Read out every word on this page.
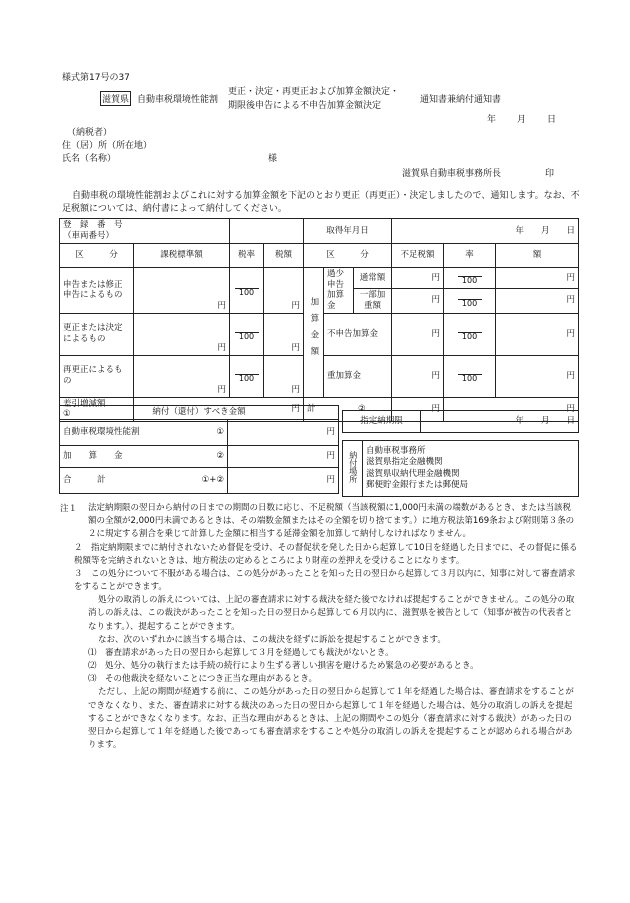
様式第17号の37
滋賀県 自動車税環境性能割
更正・決定・再更正および加算金額決定・
期限後申告による不申告加算金額決定
通知書兼納付通知書
年 月 日
（納税者）
住（居）所（所在地）
氏名（名称）	様
滋賀県自動車税事務所長	印
自動車税の環境性能割およびこれに対する加算金額を下記のとおり更正（再更正）・決定しましたので、通知します。なお、不足税額については、納付書によって納付してください。
登　録　番　号
（車両番号）				取得年月日			年　　月　　日		
区　　　分	課税標準額	税率	税額	区　　　分			不足税額	率	額
申告または修正申告によるもの	円	100	円	加算金額	過少申告加算金	通常額	円	100	円
						一部加重額	円	100	円
更正または決定によるもの	円	100	円		不申告加算金		円	100	円

再更正によるもの	円	100	円		重加算金		円	100	円

差引増減額　　①	円			計　　　　　 ②			円	円	
納付（還付）すべき金額	
自動車税環境性能割 ①	円
加　　算　　金 ②	円
合　　　計 ①+②	円
指定納期限	年　　月　　日
納付場所	自動車税事務所
滋賀県指定金融機関
滋賀県収納代理金融機関
郵便貯金銀行または郵便局
注１ 法定納期限の翌日から納付の日までの期間の日数に応じ、不足税額（当該税額に1,000円未満の端数があるとき、または当該税額の全額が2,000円未満であるときは、その端数金額またはその全額を切り捨てます。）に地方税法第169条および附則第３条の２に規定する割合を乗じて計算した金額に相当する延滞金額を加算して納付しなければなりません。

２　 指定納期限までに納付されないため督促を受け、その督促状を発した日から起算して10日を経過した日までに、その督促に係る税額等を完納されないときは、地方税法の定めるところにより財産の差押えを受けることになります。

３　 この処分について不服がある場合は、この処分があったことを知った日の翌日から起算して３月以内に、知事に対して審査請求をすることができます。

処分の取消しの訴えについては、上記の審査請求に対する裁決を経た後でなければ提起することができません。この処分の取消しの訴えは、この裁決があったことを知った日の翌日から起算して６月以内に、滋賀県を被告として（知事が被告の代表者となります。）、提起することができます。

なお、次のいずれかに該当する場合は、この裁決を経ずに訴訟を提起することができます。

⑴　審査請求があった日の翌日から起算して３月を経過しても裁決がないとき。

⑵　処分、処分の執行または手続の続行により生ずる著しい損害を避けるため緊急の必要があるとき。

⑶　その他裁決を経ないことにつき正当な理由があるとき。

ただし、上記の期間が経過する前に、この処分があった日の翌日から起算して１年を経過した場合は、審査請求をすることができなくなり、また、審査請求に対する裁決のあった日の翌日から起算して１年を経過した場合は、処分の取消しの訴えを提起することができなくなります。なお、正当な理由があるときは、上記の期間やこの処分（審査請求に対する裁決）があった日の翌日から起算して１年を経過した後であっても審査請求をすることや処分の取消しの訴えを提起することが認められる場合があります。
